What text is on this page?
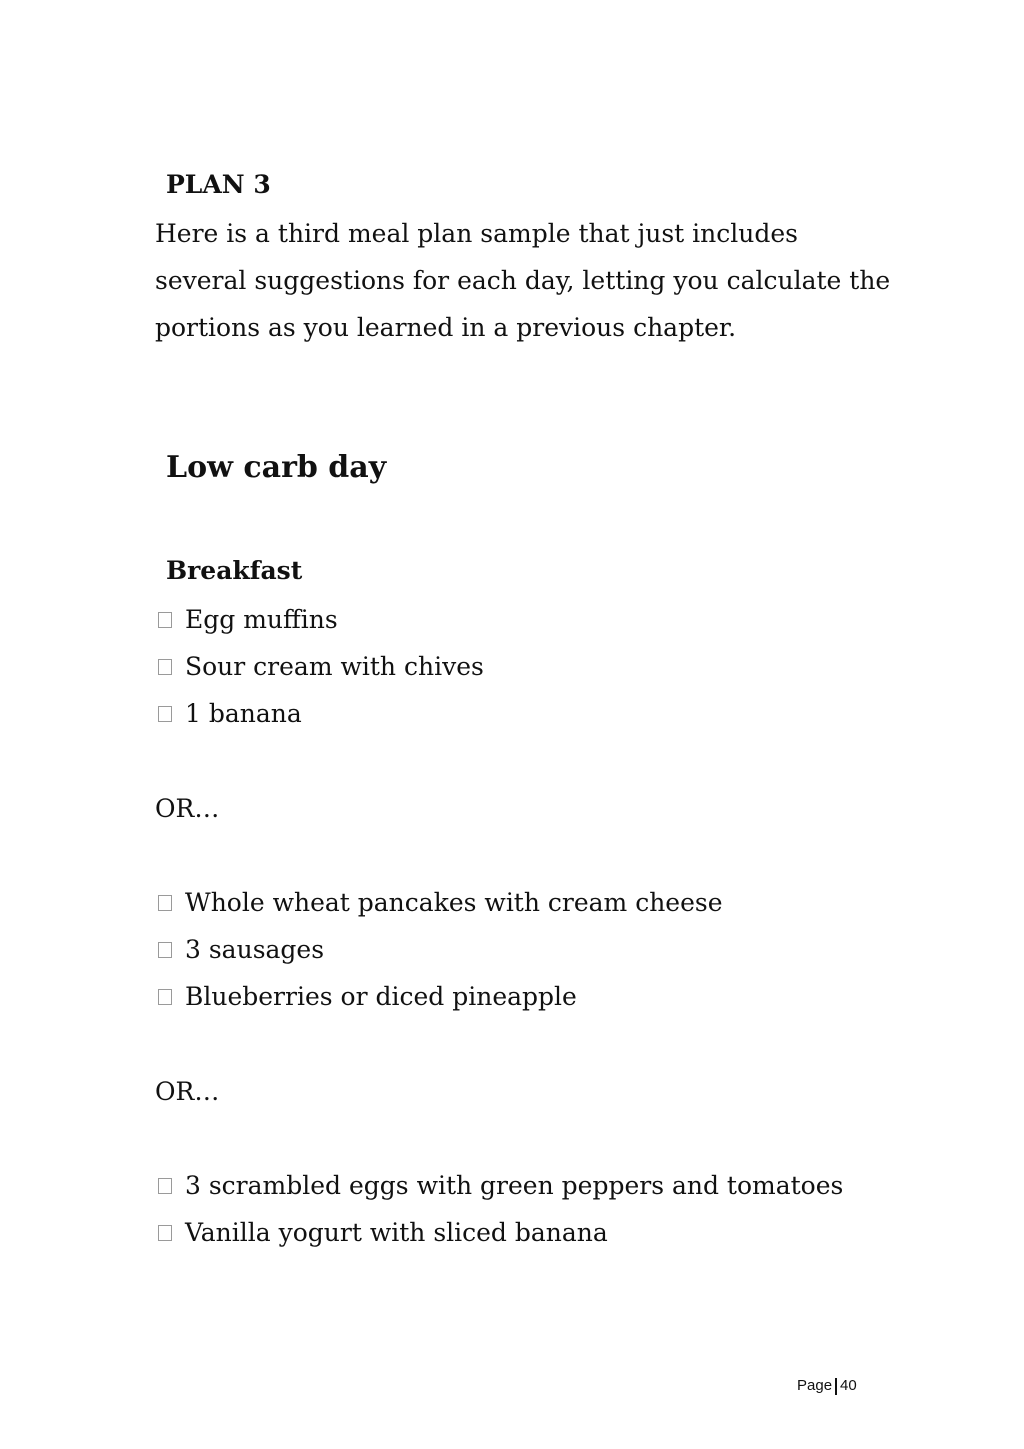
PLAN 3

Here is a third meal plan sample that just includes several suggestions for each day, letting you calculate the portions as you learned in a previous chapter.

Low carb day
Breakfast
Egg muffins
Sour cream with chives
1 banana

OR…

Whole wheat pancakes with cream cheese
3 sausages
Blueberries or diced pineapple

OR…

3 scrambled eggs with green peppers and tomatoes
Vanilla yogurt with sliced banana
Page 40
